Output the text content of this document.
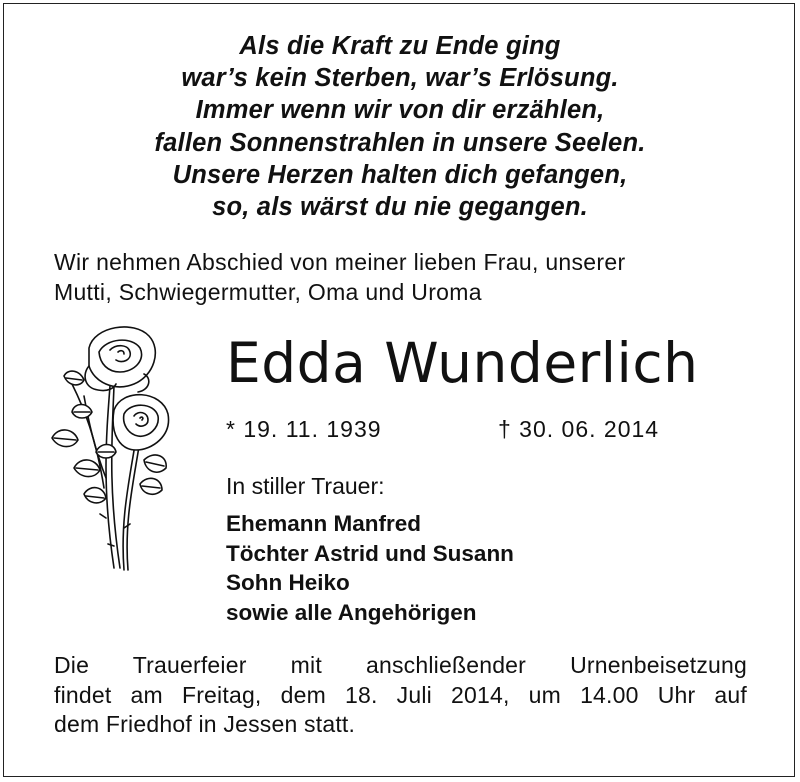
Als die Kraft zu Ende ging
war’s kein Sterben, war’s Erlösung.
Immer wenn wir von dir erzählen,
fallen Sonnenstrahlen in unsere Seelen.
Unsere Herzen halten dich gefangen,
so, als wärst du nie gegangen.
Wir nehmen Abschied von meiner lieben Frau, unserer
Mutti, Schwiegermutter, Oma und Uroma
Edda Wunderlich
* 19. 11. 1939	† 30. 06. 2014
In stiller Trauer:
Ehemann Manfred
Töchter Astrid und Susann
Sohn Heiko
sowie alle Angehörigen
Die Trauerfeier mit anschließender Urnenbeisetzung
findet am Freitag, dem 18. Juli 2014, um 14.00 Uhr auf
dem Friedhof in Jessen statt.
